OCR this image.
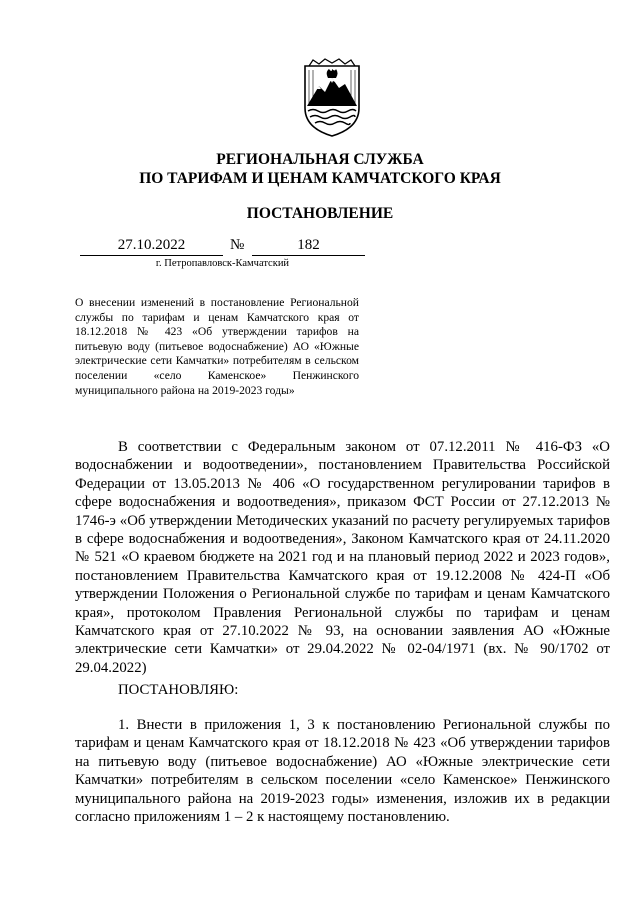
РЕГИОНАЛЬНАЯ СЛУЖБА
ПО ТАРИФАМ И ЦЕНАМ КАМЧАТСКОГО КРАЯ
ПОСТАНОВЛЕНИЕ
27.10.2022	№	182
г. Петропавловск-Камчатский
О внесении изменений в постановление Региональной службы по тарифам и ценам Камчатского края от 18.12.2018 № 423 «Об утверждении тарифов на питьевую воду (питьевое водоснабжение) АО «Южные электрические сети Камчатки» потребителям в сельском поселении «село Каменское» Пенжинского муниципального района на 2019-2023 годы»
В соответствии с Федеральным законом от 07.12.2011 № 416-ФЗ «О водоснабжении и водоотведении», постановлением Правительства Российской Федерации от 13.05.2013 № 406 «О государственном регулировании тарифов в сфере водоснабжения и водоотведения», приказом ФСТ России от 27.12.2013 № 1746-э «Об утверждении Методических указаний по расчету регулируемых тарифов в сфере водоснабжения и водоотведения», Законом Камчатского края от 24.11.2020 № 521 «О краевом бюджете на 2021 год и на плановый период 2022 и 2023 годов», постановлением Правительства Камчатского края от 19.12.2008 № 424-П «Об утверждении Положения о Региональной службе по тарифам и ценам Камчатского края», протоколом Правления Региональной службы по тарифам и ценам Камчатского края от 27.10.2022 № 93, на основании заявления АО «Южные электрические сети Камчатки» от 29.04.2022 № 02-04/1971 (вх. № 90/1702 от 29.04.2022)
ПОСТАНОВЛЯЮ:
1. Внести в приложения 1, 3 к постановлению Региональной службы по тарифам и ценам Камчатского края от 18.12.2018 № 423 «Об утверждении тарифов на питьевую воду (питьевое водоснабжение) АО «Южные электрические сети Камчатки» потребителям в сельском поселении «село Каменское» Пенжинского муниципального района на 2019-2023 годы» изменения, изложив их в редакции согласно приложениям 1 – 2 к настоящему постановлению.
